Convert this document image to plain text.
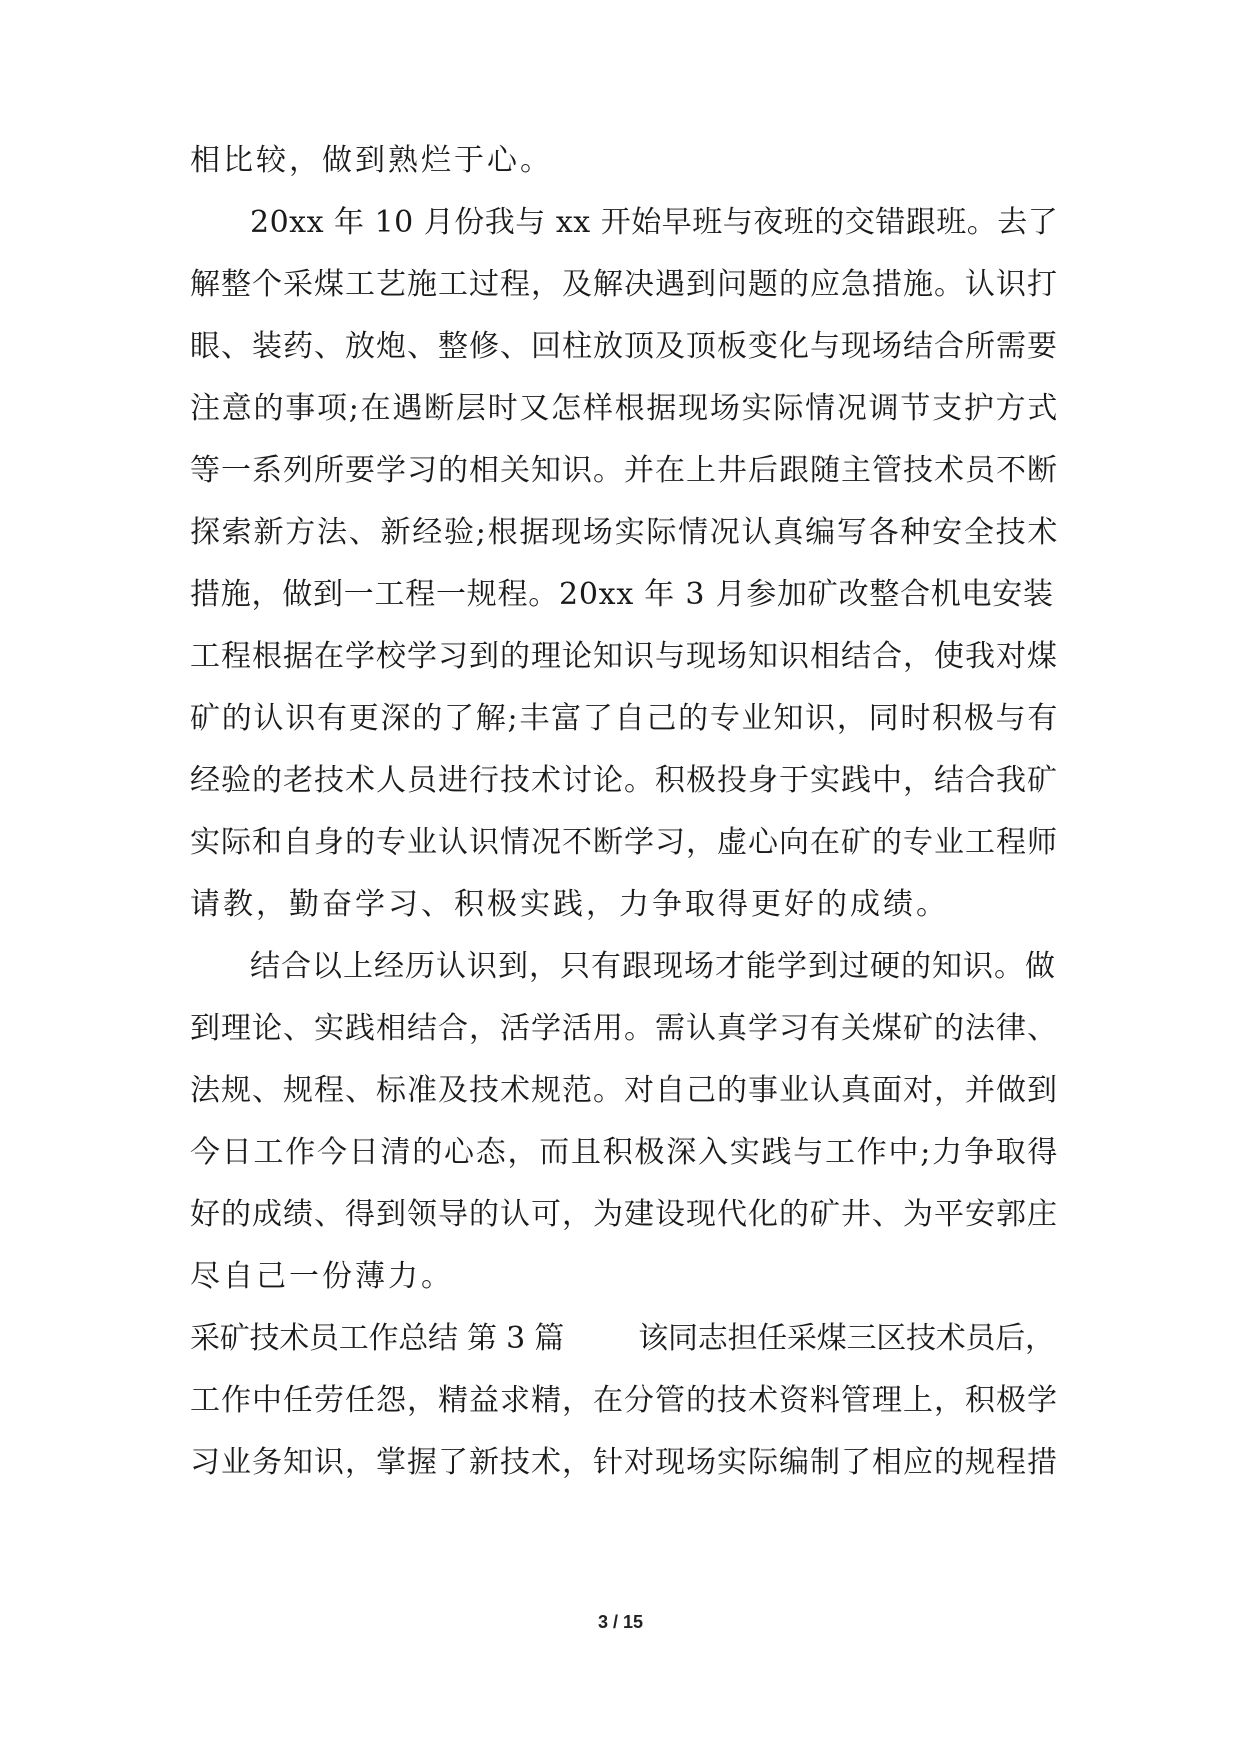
相比较，做到熟烂于心。
20xx 年 10 月份我与 xx 开始早班与夜班的交错跟班。去了
解整个采煤工艺施工过程，及解决遇到问题的应急措施。认识打
眼、装药、放炮、整修、回柱放顶及顶板变化与现场结合所需要
注意的事项;在遇断层时又怎样根据现场实际情况调节支护方式
等一系列所要学习的相关知识。并在上井后跟随主管技术员不断
探索新方法、新经验;根据现场实际情况认真编写各种安全技术
措施，做到一工程一规程。20xx 年 3 月参加矿改整合机电安装
工程根据在学校学习到的理论知识与现场知识相结合，使我对煤
矿的认识有更深的了解;丰富了自己的专业知识，同时积极与有
经验的老技术人员进行技术讨论。积极投身于实践中，结合我矿
实际和自身的专业认识情况不断学习，虚心向在矿的专业工程师
请教，勤奋学习、积极实践，力争取得更好的成绩。
结合以上经历认识到，只有跟现场才能学到过硬的知识。做
到理论、实践相结合，活学活用。需认真学习有关煤矿的法律、
法规、规程、标准及技术规范。对自己的事业认真面对，并做到
今日工作今日清的心态，而且积极深入实践与工作中;力争取得
好的成绩、得到领导的认可，为建设现代化的矿井、为平安郭庄
尽自己一份薄力。
采矿技术员工作总结 第 3 篇        该同志担任采煤三区技术员后，
工作中任劳任怨，精益求精，在分管的技术资料管理上，积极学
习业务知识，掌握了新技术，针对现场实际编制了相应的规程措
3 / 15
